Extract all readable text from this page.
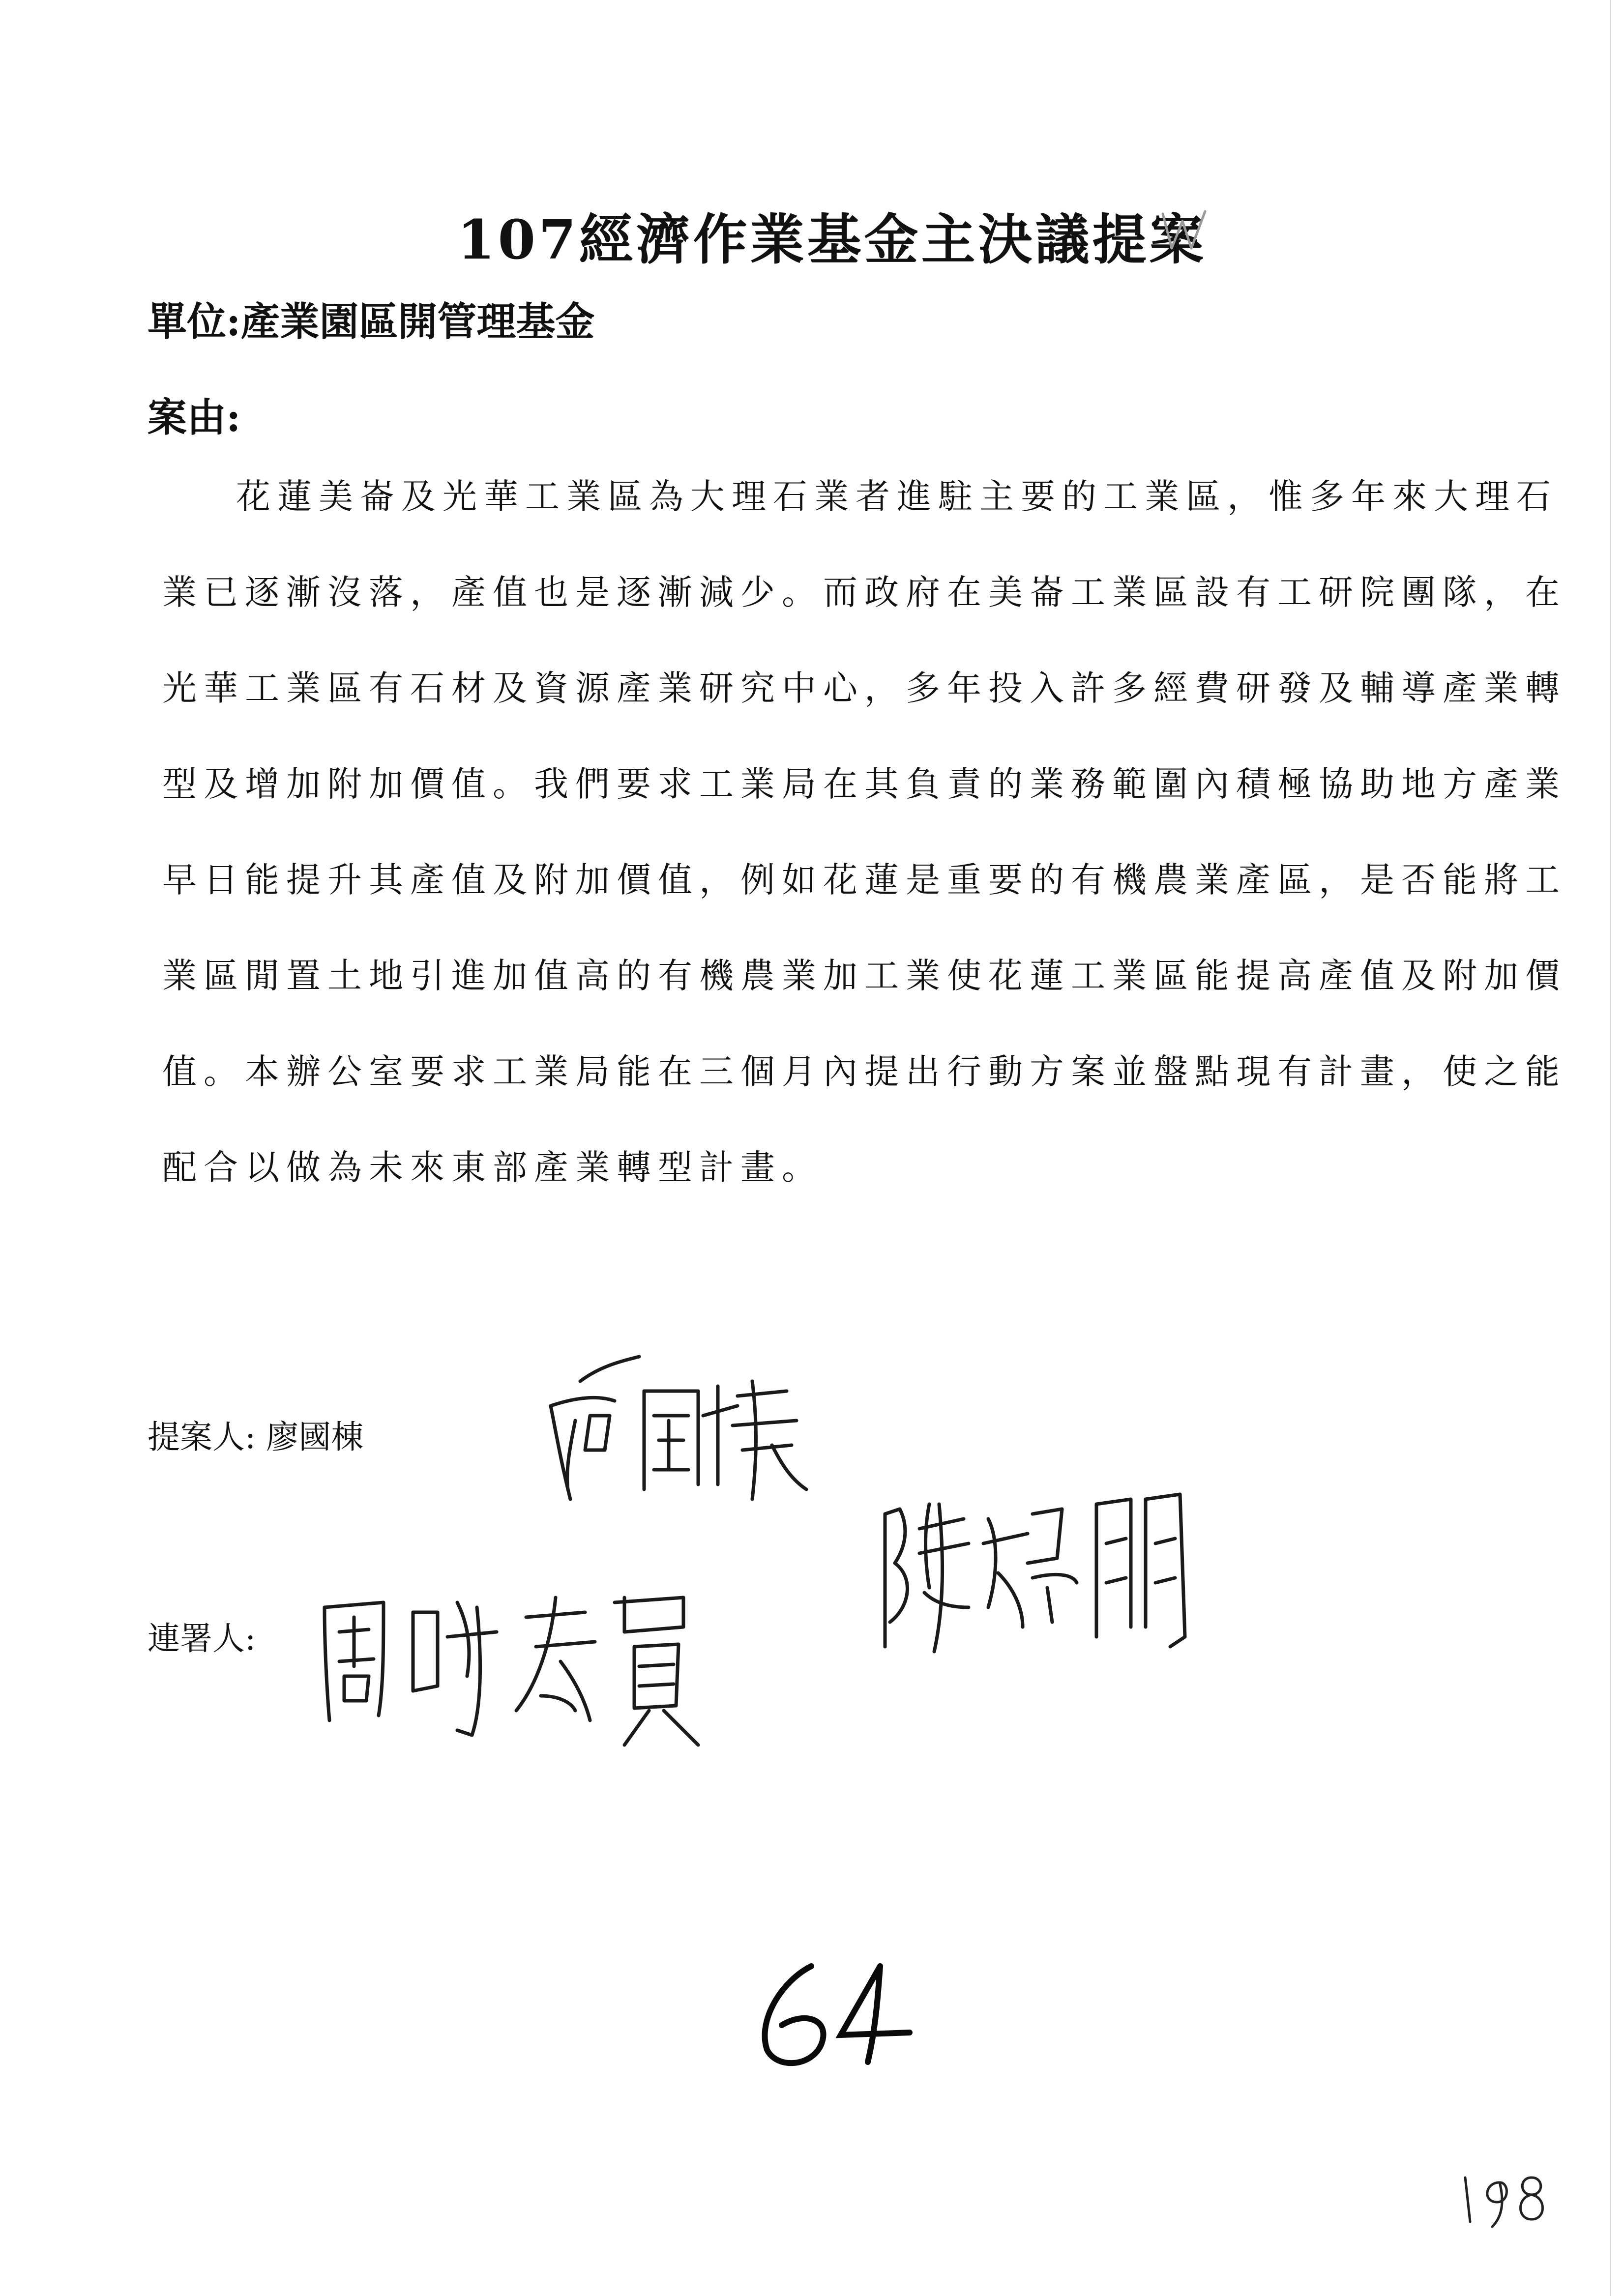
107經濟作業基金主決議提案
單位:產業園區開管理基金
案由:
花蓮美崙及光華工業區為大理石業者進駐主要的工業區，惟多年來大理石
業已逐漸沒落，產值也是逐漸減少。而政府在美崙工業區設有工研院團隊，在
光華工業區有石材及資源產業研究中心，多年投入許多經費研發及輔導產業轉
型及增加附加價值。我們要求工業局在其負責的業務範圍內積極協助地方產業
早日能提升其產值及附加價值，例如花蓮是重要的有機農業產區，是否能將工
業區閒置土地引進加值高的有機農業加工業使花蓮工業區能提高產值及附加價
值。本辦公室要求工業局能在三個月內提出行動方案並盤點現有計畫，使之能
配合以做為未來東部產業轉型計畫。
提案人: 廖國棟
連署人:
